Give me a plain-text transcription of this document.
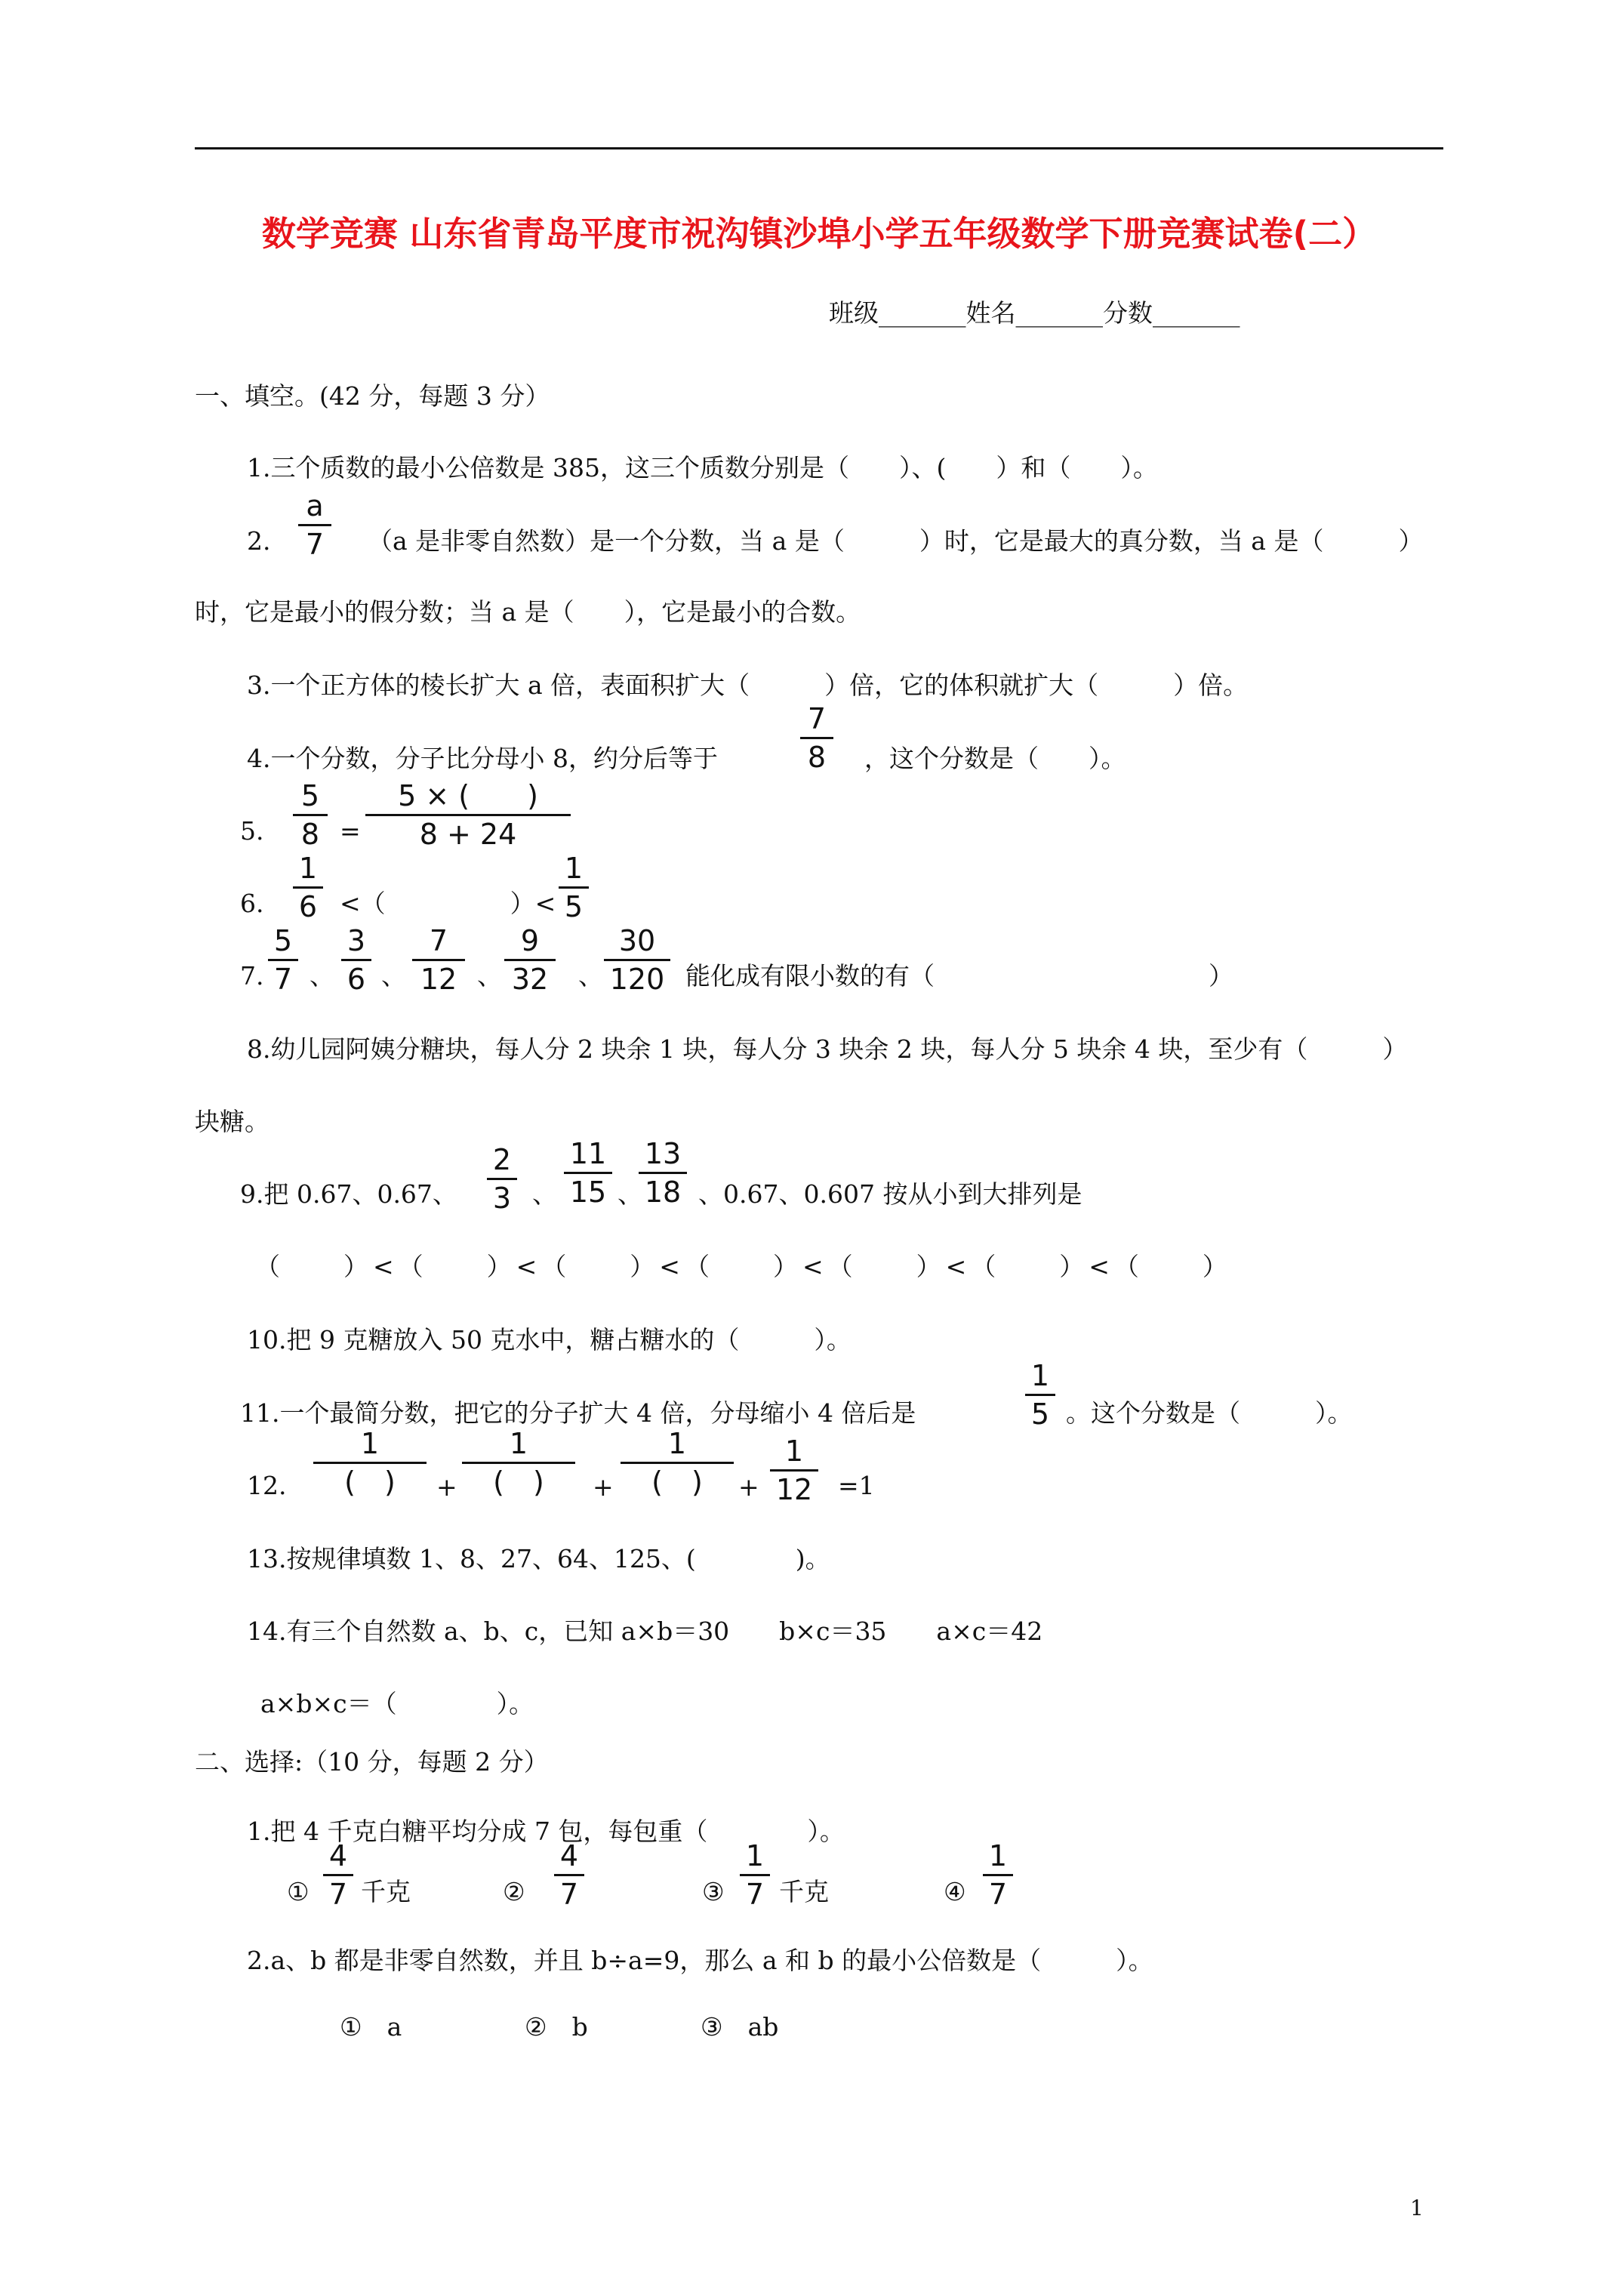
数学竞赛 山东省青岛平度市祝沟镇沙埠小学五年级数学下册竞赛试卷(二）
班级_______姓名_______分数_______
一、填空。(42 分，每题 3 分）
1.三个质数的最小公倍数是 385，这三个质数分别是（　　）、(　　）和（　　）。
2.
a
7	（a 是非零自然数）是一个分数，当 a 是（　　　）时，它是最大的真分数，当 a 是（　　　）
时，它是最小的假分数；当 a 是（　　），它是最小的合数。
3.一个正方体的棱长扩大 a 倍，表面积扩大（　　　）倍，它的体积就扩大（　　　）倍。
4.一个分数，分子比分母小 8，约分后等于
7
8	，这个分数是（　　）。
5.
5
8 =
5 × (　　)
8 + 24
6.
1
6 <（　　　　　）<
1
5
7.
5
7 、
3
6 、
7
12 、
9
32 、
30
120 能化成有限小数的有（　　　　　　　　　　　）
8.幼儿园阿姨分糖块，每人分 2 块余 1 块，每人分 3 块余 2 块，每人分 5 块余 4 块，至少有（　　　）
块糖。
9.把 0.67、0.67、
2
3 、
11
15 、
13
18 、0.67、0.607 按从小到大排列是
（　　）<（　　）<（　　）<（　　）<（　　）<（　　）<（　　）
10.把 9 克糖放入 50 克水中，糖占糖水的（　　　）。
11.一个最简分数，把它的分子扩大 4 倍，分母缩小 4 倍后是
1
5 。这个分数是（　　　）。
12.
1
(　)	+
1
(　)	+
1
(　)	+
1
12 =1
13.按规律填数 1、8、27、64、125、(　　　　)。
14.有三个自然数 a、b、c，已知 a×b＝30　　b×c＝35　　a×c＝42
a×b×c＝（　　　　）。
二、选择:（10 分，每题 2 分）
1.把 4 千克白糖平均分成 7 包，每包重（　　　　）。
①
4
7 千克	②
4
7	③
1
7 千克	④
1
7
2.a、b 都是非零自然数，并且 b÷a=9，那么 a 和 b 的最小公倍数是（　　　）。
①　a	②　b	③　ab
1
